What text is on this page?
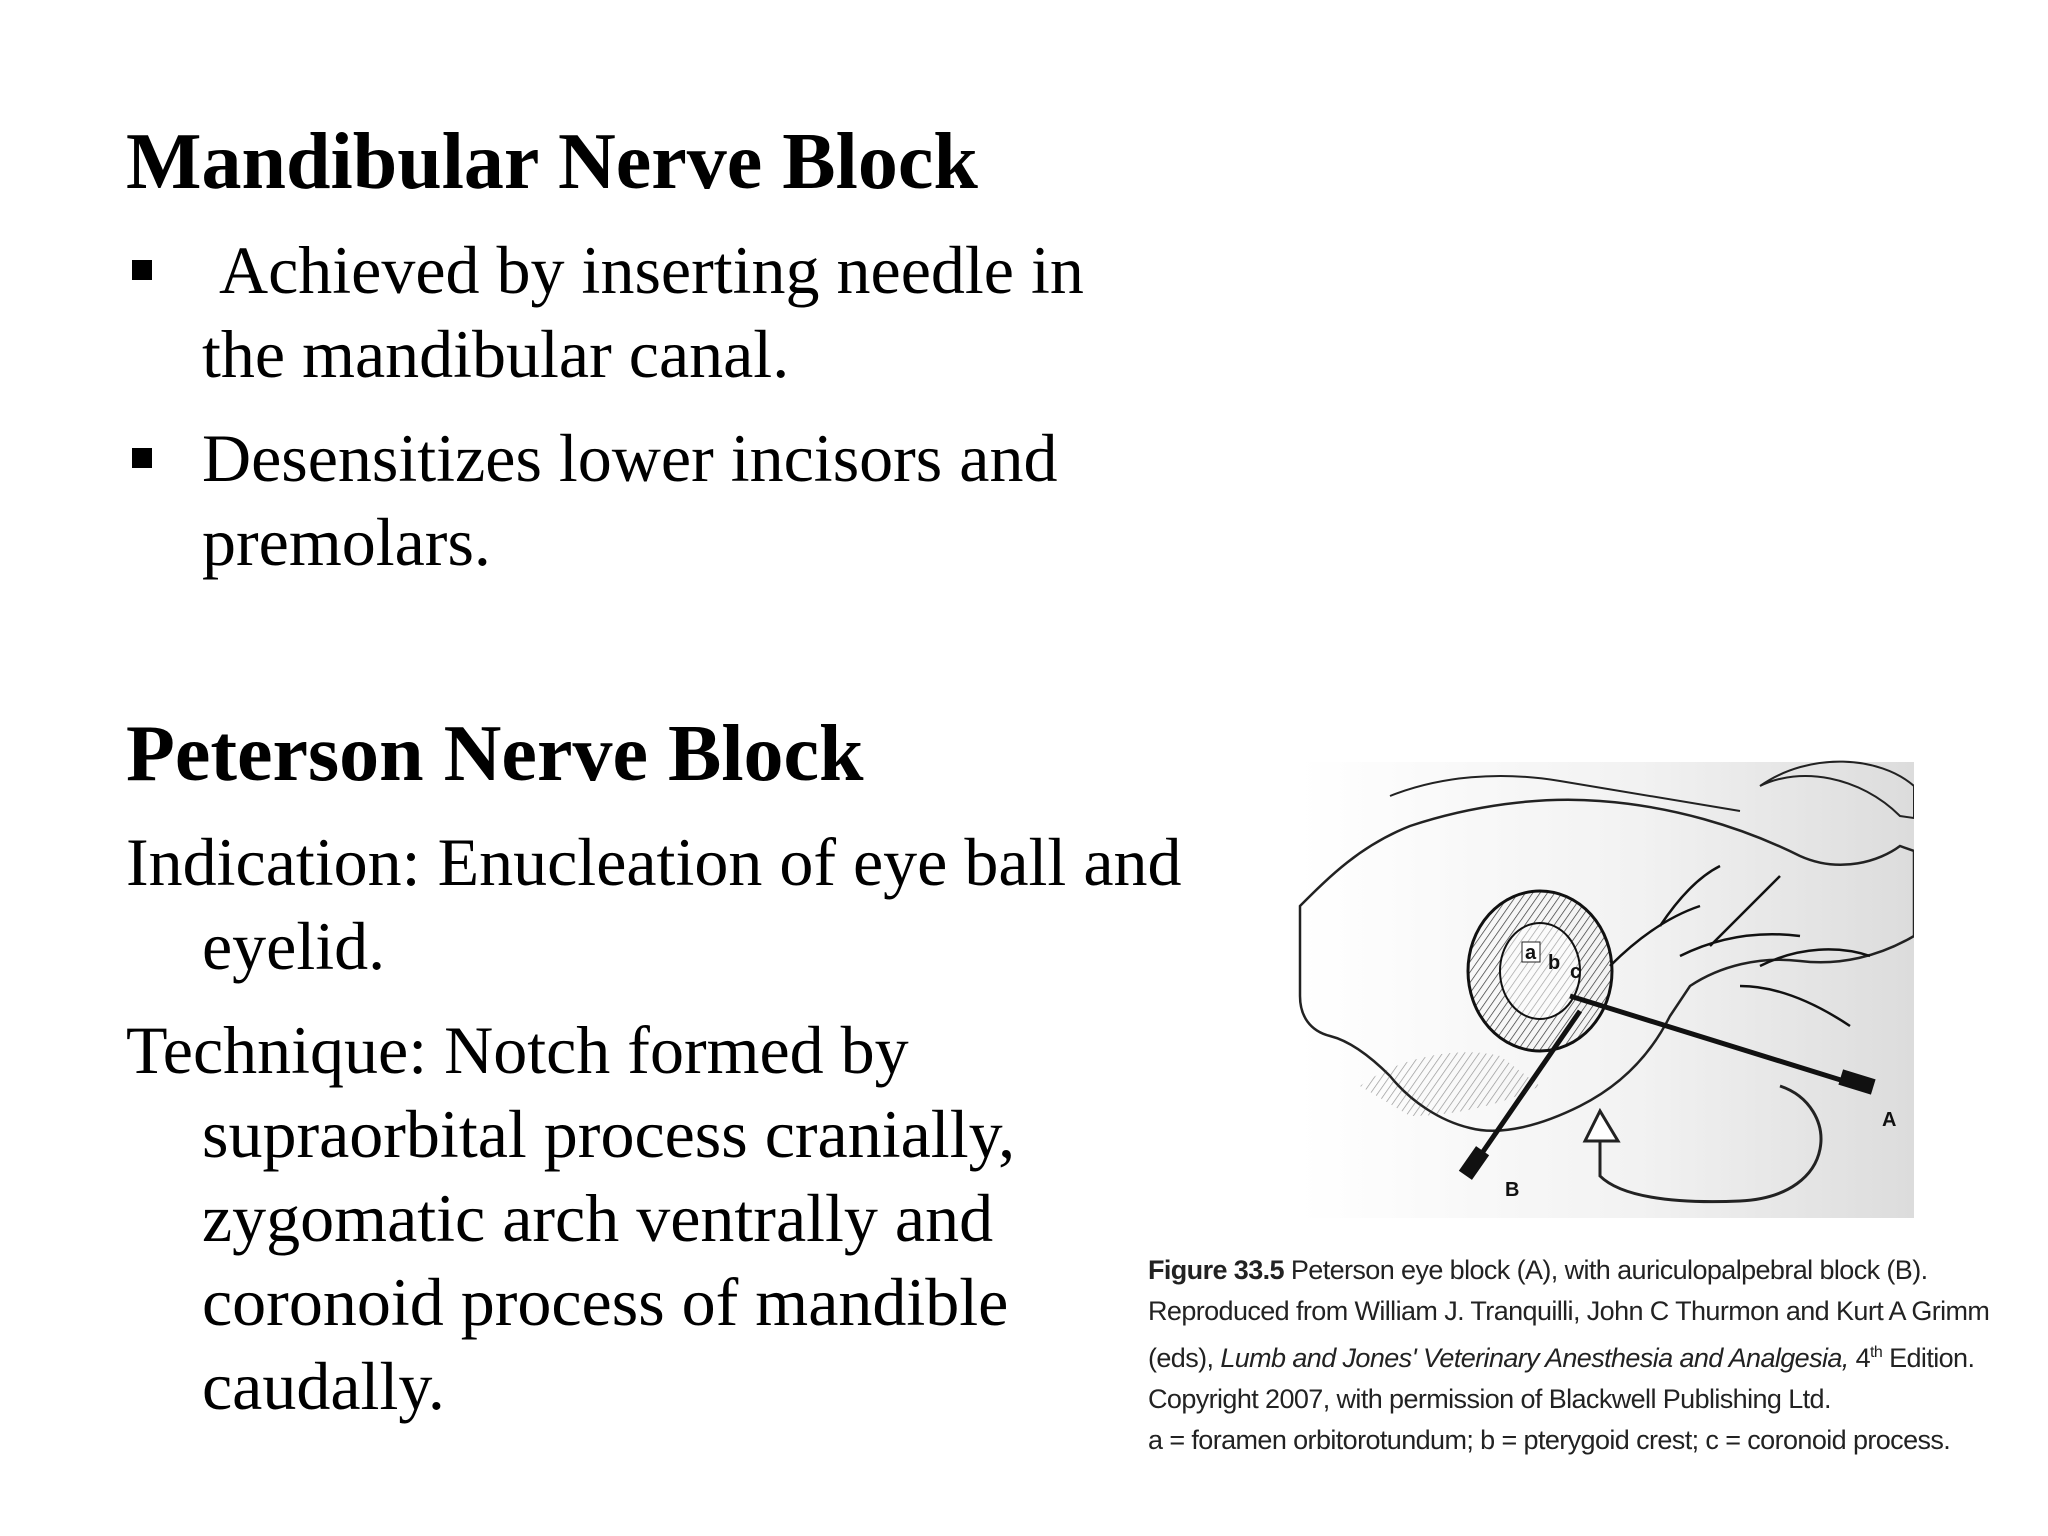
Mandibular Nerve Block
Achieved by inserting needle in the mandibular canal.
Desensitizes lower incisors and premolars.
Peterson Nerve Block
Indication: Enucleation of eye ball and eyelid.
Technique: Notch formed by supraorbital process cranially, zygomatic arch ventrally and coronoid process of mandible caudally.
a b c
A
B
Figure 33.5 Peterson eye block (A), with auriculopalpebral block (B).
Reproduced from William J. Tranquilli, John C Thurmon and Kurt A Grimm
(eds), Lumb and Jones' Veterinary Anesthesia and Analgesia, 4th Edition.
Copyright 2007, with permission of Blackwell Publishing Ltd.
a = foramen orbitorotundum; b = pterygoid crest; c = coronoid process.
